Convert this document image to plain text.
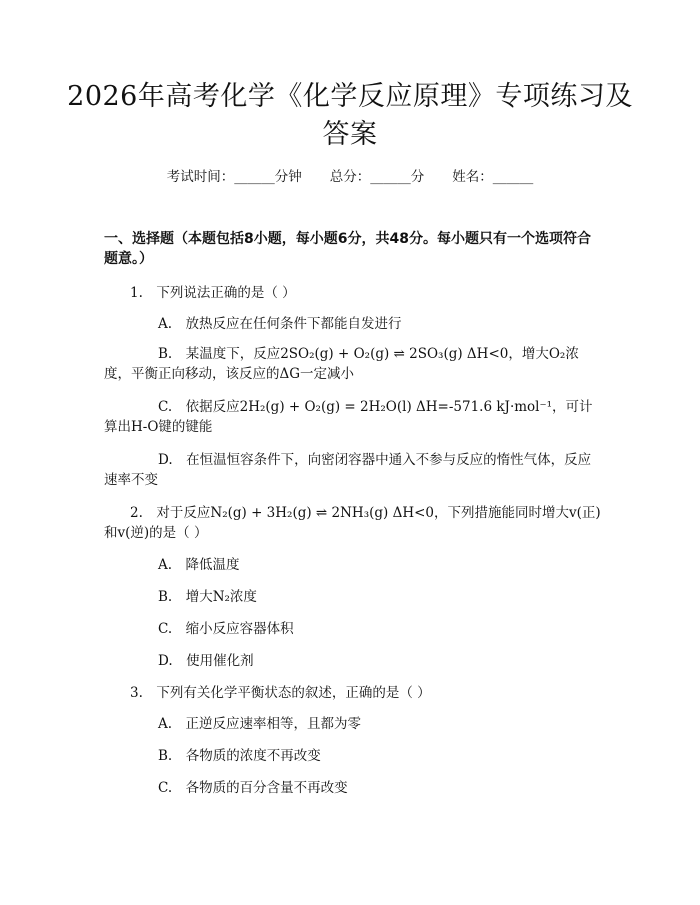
2026年高考化学《化学反应原理》专项练习及答案
考试时间：______分钟 总分：______分 姓名：______
一、选择题（本题包括8小题，每小题6分，共48分。每小题只有一个选项符合题意。）
1.　下列说法正确的是（ ）
A.　放热反应在任何条件下都能自发进行
B.　某温度下，反应2SO₂(g) + O₂(g) ⇌ 2SO₃(g) ΔH<0，增大O₂浓度，平衡正向移动，该反应的ΔG一定减小
C.　依据反应2H₂(g) + O₂(g) = 2H₂O(l) ΔH=-571.6 kJ·mol⁻¹，可计算出H-O键的键能
D.　在恒温恒容条件下，向密闭容器中通入不参与反应的惰性气体，反应速率不变
2.　对于反应N₂(g) + 3H₂(g) ⇌ 2NH₃(g) ΔH<0，下列措施能同时增大v(正)和v(逆)的是（ ）
A.　降低温度
B.　增大N₂浓度
C.　缩小反应容器体积
D.　使用催化剂
3.　下列有关化学平衡状态的叙述，正确的是（ ）
A.　正逆反应速率相等，且都为零
B.　各物质的浓度不再改变
C.　各物质的百分含量不再改变
